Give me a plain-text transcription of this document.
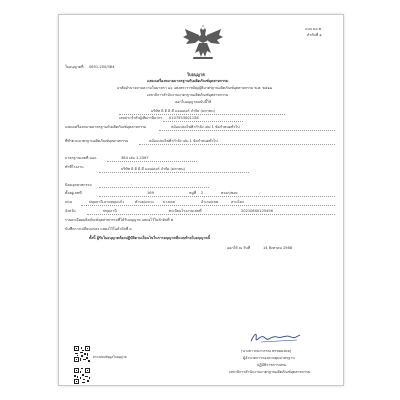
แบบ มอ.๒
ลำดับที่ ๑
ใบอนุญาตที่ 0651-200/384
ใบอนุญาต
แสดงเครื่องหมายมาตรฐานกับผลิตภัณฑ์อุตสาหกรรม
อาศัยอำนาจตามความในมาตรา ๑๖ แห่งพระราชบัญญัติมาตรฐานผลิตภัณฑ์อุตสาหกรรม พ.ศ. ๒๕๑๑
เลขาธิการสำนักงานมาตรฐานผลิตภัณฑ์อุตสาหกรรม
ออกใบอนุญาตฉบับนี้ให้
บริษัท ดิ ดิ ดิ ดี แอนเดอร์ จำกัด (มหาชน)
เลขประจำตัวผู้เสียภาษีอากร 0107553001158
แสดงเครื่องหมายมาตรฐานกับผลิตภัณฑ์อุตสาหกรรม	หม้อแปลงไฟฟ้ากำลัง เล่ม 1 ข้อกำหนดทั่วไป
ที่ทำตามมาตรฐานผลิตภัณฑ์อุตสาหกรรม	หม้อแปลงไฟฟ้ากำลัง เล่ม 1 ข้อกำหนดทั่วไป
มาตรฐานเลขที่ มอก.	384 เล่ม 1-2567
ทำที่โรงงาน	บริษัท ดิ ดิ ดิ ดี แอนเดอร์ จำกัด (มหาชน)
นิคมอุตสาหกรรม	-
ตั้งอยู่เลขที่	169	หมู่ที่ 2	ตรอก/ซอย	-
ถนน	ปทุมธานี-ลาดหลุมแก้ว	ตำบล/แขวง	บางเตย	อำเภอ/เขต	สามโคก
จังหวัด	ปทุมธานี	ทะเบียนโรงงานเลขที่	20210600125456
รายละเอียดผลิตภัณฑ์อุตสาหกรรมที่ได้รับอนุญาต แสดงไว้ในลำดับที่ ๒
บันทึกการเปลี่ยนแปลง แสดงไว้ในลำดับที่ ๓
ทั้งนี้ ผู้รับใบอนุญาตต้องปฏิบัติตามเงื่อนไขในการอนุญาตที่แนบท้ายใบอนุญาตนี้
ออกให้ ณ วันที่	14 สิงหาคม 2568
(นางสาวกนกวรรณ พรหมมงคล)
ผู้อำนวยการกองควบคุมมาตรฐาน
ปฏิบัติราชการแทน
เลขาธิการสำนักงานมาตรฐานผลิตภัณฑ์อุตสาหกรรม
ตรวจสอบข้อมูลใบอนุญาต
